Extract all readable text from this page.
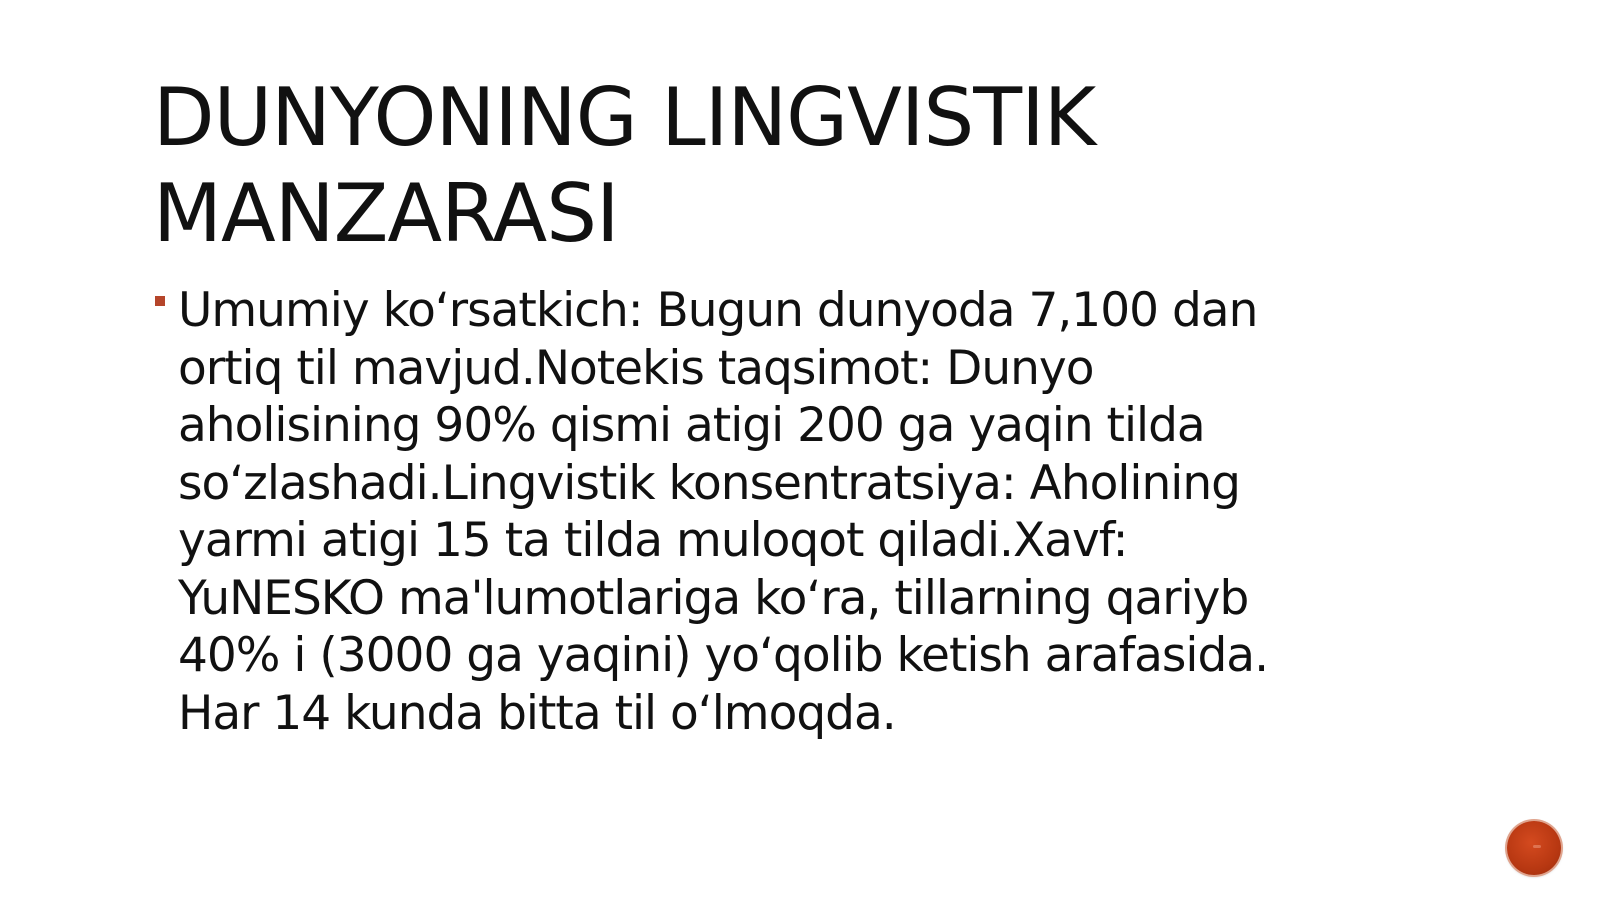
DUNYONING LINGVISTIK
MANZARASI
Umumiy koʻrsatkich: Bugun dunyoda 7,100 dan
ortiq til mavjud.Notekis taqsimot: Dunyo
aholisining 90% qismi atigi 200 ga yaqin tilda
soʻzlashadi.Lingvistik konsentratsiya: Aholining
yarmi atigi 15 ta tilda muloqot qiladi.Xavf:
YuNESKO ma'lumotlariga koʻra, tillarning qariyb
40% i (3000 ga yaqini) yoʻqolib ketish arafasida.
Har 14 kunda bitta til oʻlmoqda.
